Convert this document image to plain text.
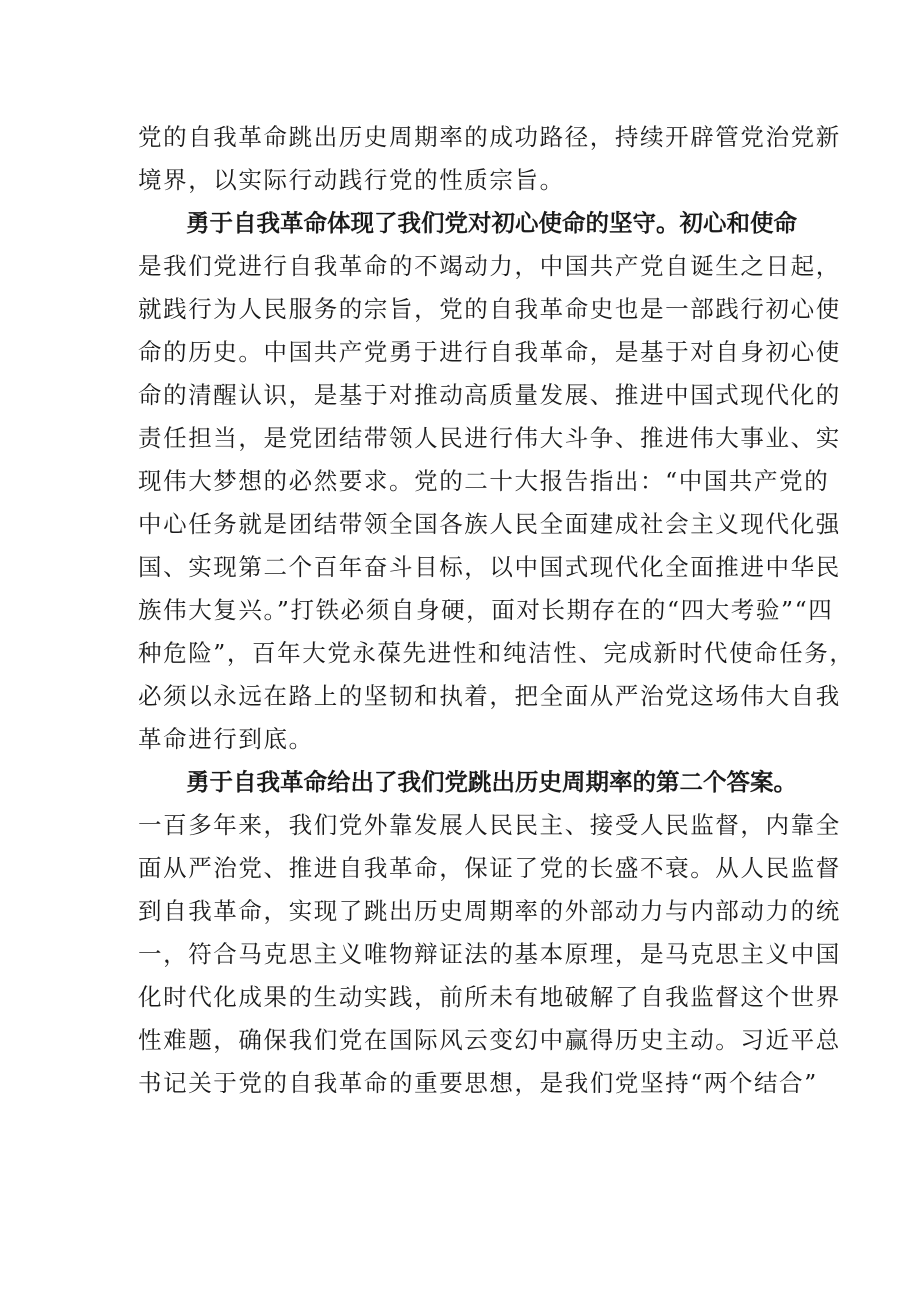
党的自我革命跳出历史周期率的成功路径，持续开辟管党治党新
境界，以实际行动践行党的性质宗旨。
勇于自我革命体现了我们党对初心使命的坚守。初心和使命
是我们党进行自我革命的不竭动力，中国共产党自诞生之日起，
就践行为人民服务的宗旨，党的自我革命史也是一部践行初心使
命的历史。中国共产党勇于进行自我革命，是基于对自身初心使
命的清醒认识，是基于对推动高质量发展、推进中国式现代化的
责任担当，是党团结带领人民进行伟大斗争、推进伟大事业、实
现伟大梦想的必然要求。党的二十大报告指出：“中国共产党的
中心任务就是团结带领全国各族人民全面建成社会主义现代化强
国、实现第二个百年奋斗目标，以中国式现代化全面推进中华民
族伟大复兴。”打铁必须自身硬，面对长期存在的“四大考验”“四
种危险”，百年大党永葆先进性和纯洁性、完成新时代使命任务，
必须以永远在路上的坚韧和执着，把全面从严治党这场伟大自我
革命进行到底。
勇于自我革命给出了我们党跳出历史周期率的第二个答案。
一百多年来，我们党外靠发展人民民主、接受人民监督，内靠全
面从严治党、推进自我革命，保证了党的长盛不衰。从人民监督
到自我革命，实现了跳出历史周期率的外部动力与内部动力的统
一，符合马克思主义唯物辩证法的基本原理，是马克思主义中国
化时代化成果的生动实践，前所未有地破解了自我监督这个世界
性难题，确保我们党在国际风云变幻中赢得历史主动。习近平总
书记关于党的自我革命的重要思想，是我们党坚持“两个结合”
